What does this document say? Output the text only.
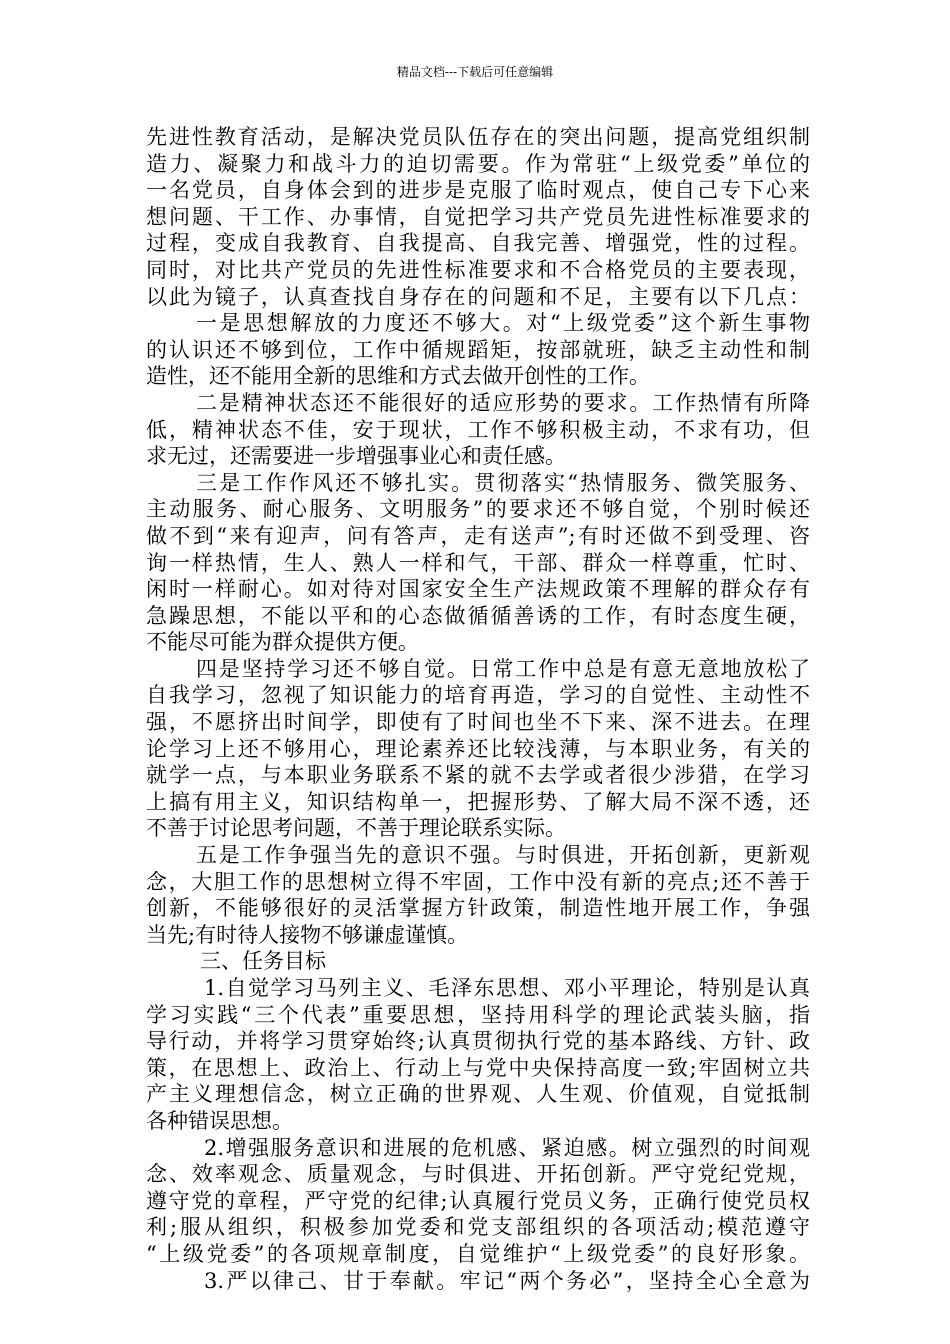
精品文档---下载后可任意编辑
先进性教育活动，是解决党员队伍存在的突出问题，提高党组织制
造力、凝聚力和战斗力的迫切需要。作为常驻“上级党委”单位的
一名党员，自身体会到的进步是克服了临时观点，使自己专下心来
想问题、干工作、办事情，自觉把学习共产党员先进性标准要求的
过程，变成自我教育、自我提高、自我完善、增强党，性的过程。
同时，对比共产党员的先进性标准要求和不合格党员的主要表现，
以此为镜子，认真查找自身存在的问题和不足，主要有以下几点：
一是思想解放的力度还不够大。对“上级党委”这个新生事物
的认识还不够到位，工作中循规蹈矩，按部就班，缺乏主动性和制
造性，还不能用全新的思维和方式去做开创性的工作。
二是精神状态还不能很好的适应形势的要求。工作热情有所降
低，精神状态不佳，安于现状，工作不够积极主动，不求有功，但
求无过，还需要进一步增强事业心和责任感。
三是工作作风还不够扎实。贯彻落实“热情服务、微笑服务、
主动服务、耐心服务、文明服务”的要求还不够自觉，个别时候还
做不到“来有迎声，问有答声，走有送声”;有时还做不到受理、咨
询一样热情，生人、熟人一样和气，干部、群众一样尊重，忙时、
闲时一样耐心。如对待对国家安全生产法规政策不理解的群众存有
急躁思想，不能以平和的心态做循循善诱的工作，有时态度生硬，
不能尽可能为群众提供方便。
四是坚持学习还不够自觉。日常工作中总是有意无意地放松了
自我学习，忽视了知识能力的培育再造，学习的自觉性、主动性不
强，不愿挤出时间学，即使有了时间也坐不下来、深不进去。在理
论学习上还不够用心，理论素养还比较浅薄，与本职业务，有关的
就学一点，与本职业务联系不紧的就不去学或者很少涉猎，在学习
上搞有用主义，知识结构单一，把握形势、了解大局不深不透，还
不善于讨论思考问题，不善于理论联系实际。
五是工作争强当先的意识不强。与时俱进，开拓创新，更新观
念，大胆工作的思想树立得不牢固，工作中没有新的亮点;还不善于
创新，不能够很好的灵活掌握方针政策，制造性地开展工作，争强
当先;有时待人接物不够谦虚谨慎。
三、任务目标
1.自觉学习马列主义、毛泽东思想、邓小平理论，特别是认真
学习实践“三个代表”重要思想，坚持用科学的理论武装头脑，指
导行动，并将学习贯穿始终;认真贯彻执行党的基本路线、方针、政
策，在思想上、政治上、行动上与党中央保持高度一致;牢固树立共
产主义理想信念，树立正确的世界观、人生观、价值观，自觉抵制
各种错误思想。
2.增强服务意识和进展的危机感、紧迫感。树立强烈的时间观
念、效率观念、质量观念，与时俱进、开拓创新。严守党纪党规，
遵守党的章程，严守党的纪律;认真履行党员义务，正确行使党员权
利;服从组织，积极参加党委和党支部组织的各项活动;模范遵守
“上级党委”的各项规章制度，自觉维护“上级党委”的良好形象。
3.严以律己、甘于奉献。牢记“两个务必”，坚持全心全意为
